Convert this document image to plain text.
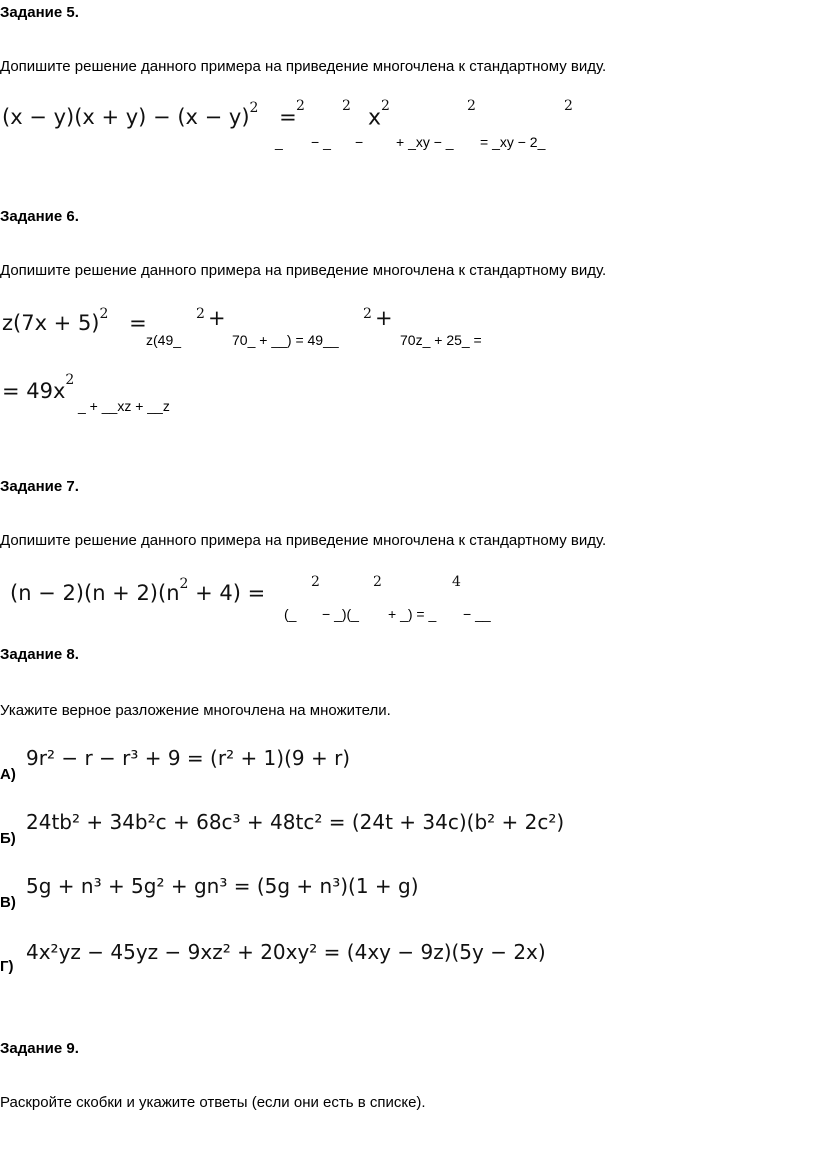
Задание 5.
Допишите решение данного примера на приведение многочлена к стандартному виду.
$(x - y)(x + y) - (x - y)^2 = 2$	2 $x^2$	2	2
_ − _ − + _xy − _ = _xy − 2_
Задание 6.
Допишите решение данного примера на приведение многочлена к стандартному виду.
$z(7x + 5)^2$ =
z(49_
2 +
70_ + __) = 49__
2 +
70z_ + 25_ =
= $49x^2$
_ + __xz + __z
Задание 7.
Допишите решение данного примера на приведение многочлена к стандартному виду.
$(n - 2)(n + 2)(n^2 + 4)$ =	2	2	4
(_ − _)(_ + _) = _ − __
Задание 8.
Укажите верное разложение многочлена на множители.
9r² − r − r³ + 9 = (r² + 1)(9 + r)
А)
24tb² + 34b²c + 68c³ + 48tc² = (24t + 34c)(b² + 2c²)
Б)
5g + n³ + 5g² + gn³ = (5g + n³)(1 + g)
В)
4x²yz − 45yz − 9xz² + 20xy² = (4xy − 9z)(5y − 2x)
Г)
Задание 9.
Раскройте скобки и укажите ответы (если они есть в списке).
